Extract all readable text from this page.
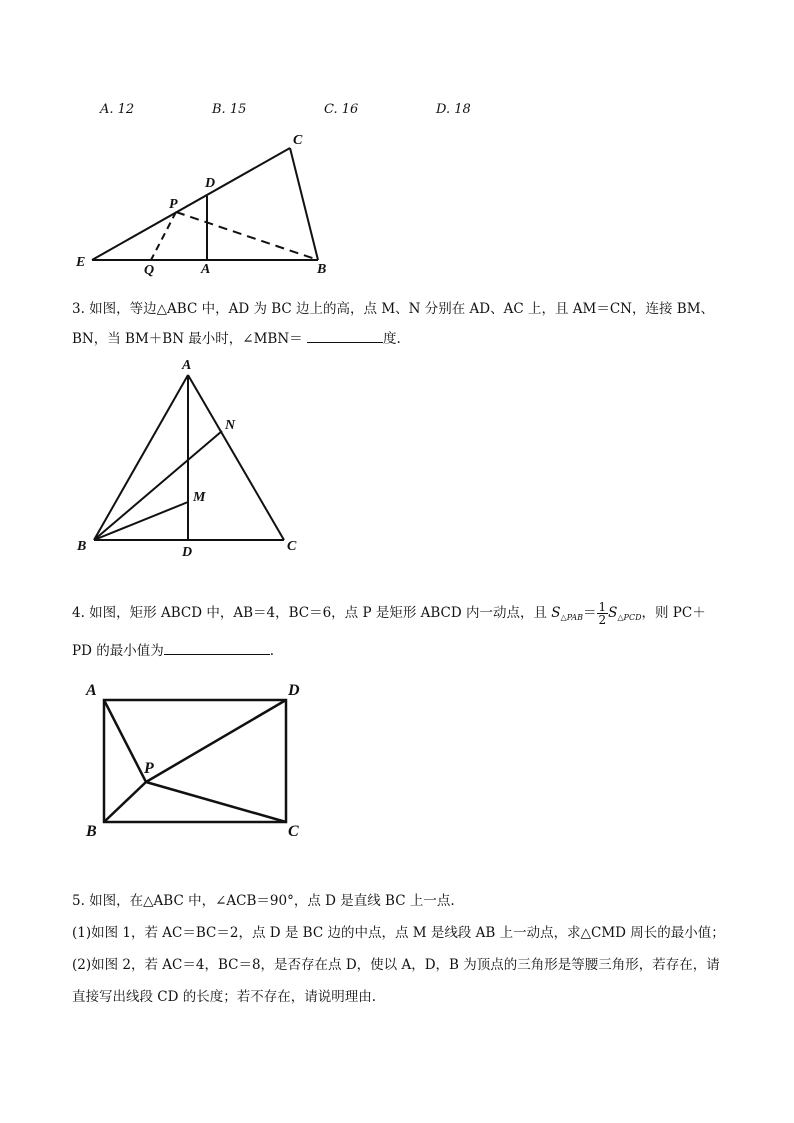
A. 12	B. 15	C. 16	D. 18
C
D
P
E
Q	A	B
3. 如图，等边△ABC 中，AD 为 BC 边上的高，点 M、N 分别在 AD、AC 上，且 AM＝CN，连接 BM、
BN，当 BM＋BN 最小时，∠MBN＝	度.
A
N
M
B	D	C
4. 如图，矩形 ABCD 中，AB＝4，BC＝6，点 P 是矩形 ABCD 内一动点，且 $S_{\triangle PAB}= \frac{1}{2} S_{\triangle PCD}$，则 PC＋
PD 的最小值为	.
A	D
P
B	C
5. 如图，在△ABC 中，∠ACB＝90°，点 D 是直线 BC 上一点.
(1)如图 1，若 AC＝BC＝2，点 D 是 BC 边的中点，点 M 是线段 AB 上一动点，求△CMD 周长的最小值；
(2)如图 2，若 AC＝4，BC＝8，是否存在点 D，使以 A，D，B 为顶点的三角形是等腰三角形，若存在，请
直接写出线段 CD 的长度；若不存在，请说明理由.
